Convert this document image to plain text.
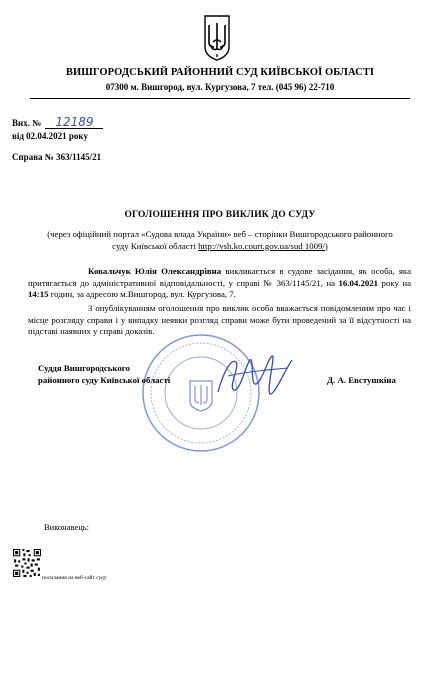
ВИШГОРОДСЬКИЙ РАЙОННИЙ СУД КИЇВСЬКОЇ ОБЛАСТІ
07300 м. Вишгород, вул. Кургузова, 7 тел. (045 96) 22-710
Вих. № 12189
від 02.04.2021 року
Справа № 363/1145/21
ОГОЛОШЕННЯ ПРО ВИКЛИК ДО СУДУ
(через офіційний портал «Судова влада України» веб – сторінки Вишгородського районного суду Київської області http://vsh.ko.court.gov.ua/sud 1009/)
Ковальчук Юлія Олександрівна викликається в судове засідання, як особа, яка притягається до адміністративної відповідальності, у справі № 363/1145/21, на 16.04.2021 року на 14:15 годин, за адресою м.Вишгород, вул. Кургузова, 7.
З опублікуванням оголошення про виклик особа вважається повідомленим про час і місце розгляду справи і у випадку неявки розгляд справи може бути проведений за її відсутності на підставі наявних у справі доказів.
Суддя Вишгородського
районного суду Київської області	Д. А. Евстушкіна
Виконавець:
посилання на веб-сайт суду
